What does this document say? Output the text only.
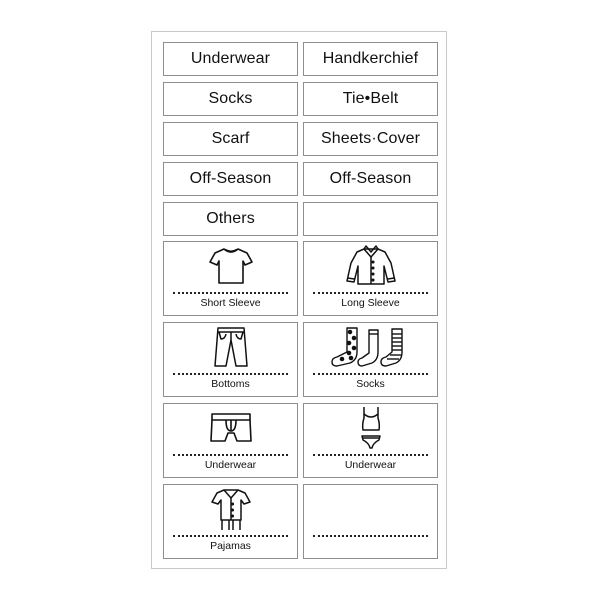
Underwear	Handkerchief
Socks	Tie•Belt
Scarf	Sheets·Cover
Off-Season	Off-Season
Others
Short Sleeve	Long Sleeve
Bottoms	Socks
Underwear	Underwear
Pajamas
